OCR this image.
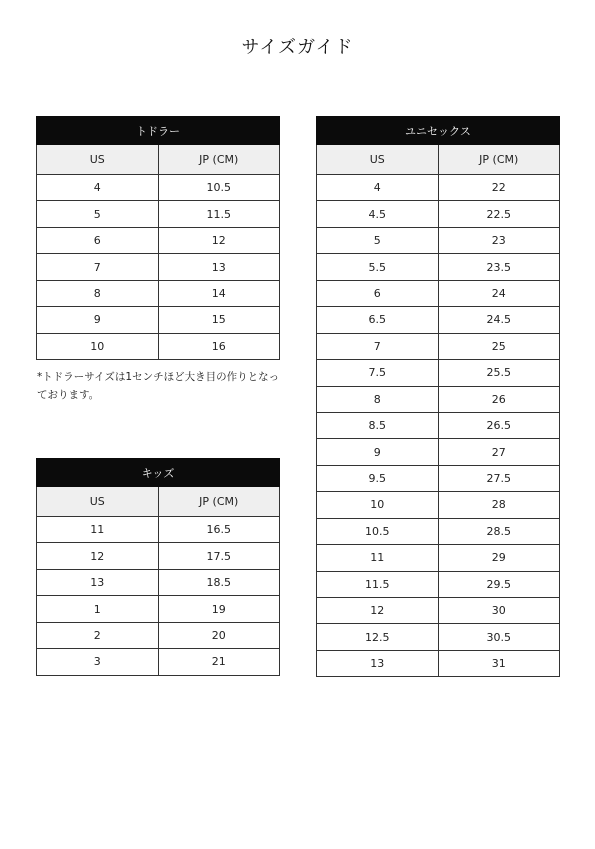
サイズガイド
トドラー	
US	JP (CM)
4	10.5
5	11.5
6	12
7	13
8	14
9	15
10	16
*トドラーサイズは1センチほど大き目の作りとなっております。
キッズ	
US	JP (CM)
11	16.5
12	17.5
13	18.5
1	19
2	20
3	21
ユニセックス	
US	JP (CM)
4	22
4.5	22.5
5	23
5.5	23.5
6	24
6.5	24.5
7	25
7.5	25.5
8	26
8.5	26.5
9	27
9.5	27.5
10	28
10.5	28.5
11	29
11.5	29.5
12	30
12.5	30.5
13	31
